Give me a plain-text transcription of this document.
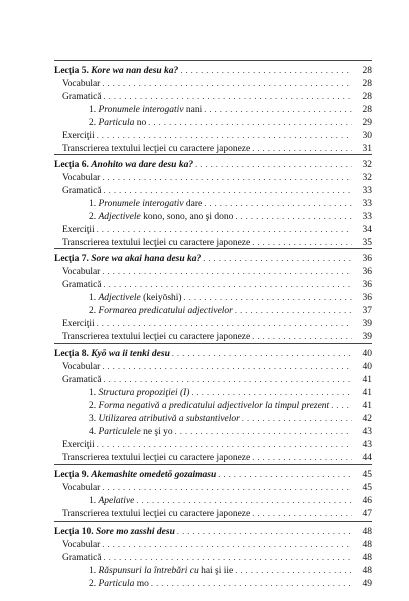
Lecţia 5. Kore wa nan desu ka? . . .	28
Vocabular . . .	28
Gramatică . . .	28
1. Pronumele interogativ nani . . .	28
2. Particula no . . .	29
Exerciţii . . .	30
Transcrierea textului lecţiei cu caractere japoneze . . .	31
Lecţia 6. Anohito wa dare desu ka? . . .	32
Vocabular . . .	32
Gramatică . . .	33
1. Pronumele interogativ dare . . .	33
2. Adjectivele kono, sono, ano şi dono . . .	33
Exerciţii . . .	34
Transcrierea textului lecţiei cu caractere japoneze . . .	35
Lecţia 7. Sore wa akai hana desu ka? . . .	36
Vocabular . . .	36
Gramatică . . .	36
1. Adjectivele (keiyōshi) . . .	36
2. Formarea predicatului adjectivelor . . .	37
Exerciţii . . .	39
Transcrierea textului lecţiei cu caractere japoneze . . .	39
Lecţia 8. Kyō wa ii tenki desu . . .	40
Vocabular . . .	40
Gramatică . . .	41
1. Structura propoziţiei (I) . . .	41
2. Forma negativă a predicatului adjectivelor la timpul prezent . . .	41
3. Utilizarea atributivă a substantivelor . . .	42
4. Particulele ne şi yo . . .	43
Exerciţii . . .	43
Transcrierea textului lecţiei cu caractere japoneze . . .	44
Lecţia 9. Akemashite omedetō gozaimasu . . .	45
Vocabular . . .	45
1. Apelative . . .	46
Transcrierea textului lecţiei cu caractere japoneze . . .	47
Lecţia 10. Sore mo zasshi desu . . .	48
Vocabular . . .	48
Gramatică . . .	48
1. Răspunsuri la întrebări cu hai şi iie . . .	48
2. Particula mo . . .	49
